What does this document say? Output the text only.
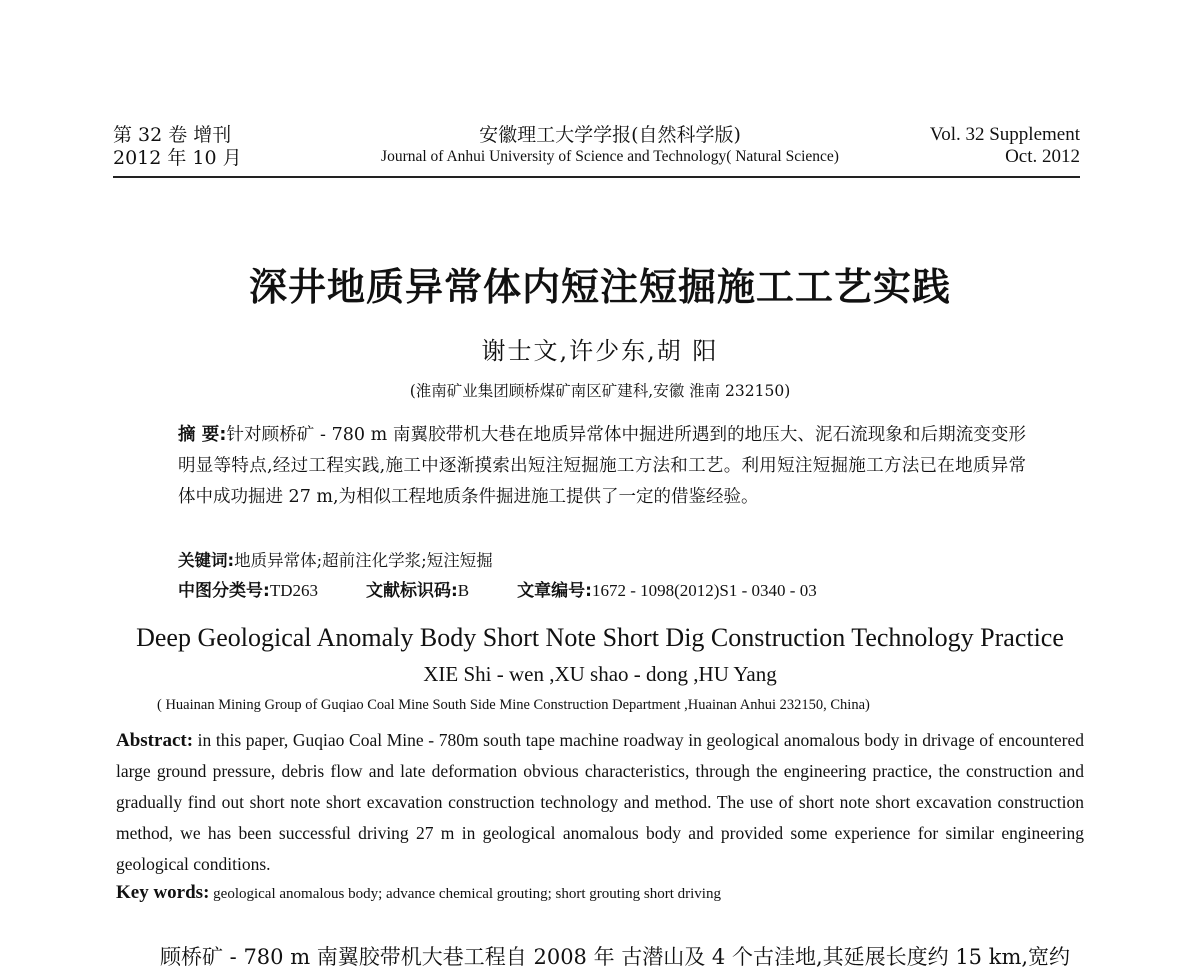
第 32 卷 增刊
2012 年 10 月
安徽理工大学学报(自然科学版)
Journal of Anhui University of Science and Technology( Natural Science)
Vol. 32 Supplement
Oct. 2012
深井地质异常体内短注短掘施工工艺实践
谢士文,许少东,胡 阳
(淮南矿业集团顾桥煤矿南区矿建科,安徽 淮南 232150)
摘 要:针对顾桥矿 - 780 m 南翼胶带机大巷在地质异常体中掘进所遇到的地压大、泥石流现象和后期流变变形明显等特点,经过工程实践,施工中逐渐摸索出短注短掘施工方法和工艺。利用短注短掘施工方法已在地质异常体中成功掘进 27 m,为相似工程地质条件掘进施工提供了一定的借鉴经验。
关键词:地质异常体;超前注化学浆;短注短掘
中图分类号:TD263	文献标识码:B	文章编号:1672 - 1098(2012)S1 - 0340 - 03
Deep Geological Anomaly Body Short Note Short Dig Construction Technology Practice
XIE Shi - wen ,XU shao - dong ,HU Yang
( Huainan Mining Group of Guqiao Coal Mine South Side Mine Construction Department ,Huainan Anhui 232150, China)
Abstract: in this paper, Guqiao Coal Mine - 780m south tape machine roadway in geological anomalous body in drivage of encountered large ground pressure, debris flow and late deformation obvious characteristics, through the engineering practice, the construction and gradually find out short note short excavation construction technology and method. The use of short note short excavation construction method, we has been successful driving 27 m in geological anomalous body and provided some experience for similar engineering geological conditions.
Key words: geological anomalous body; advance chemical grouting; short grouting short driving
顾桥矿 - 780 m 南翼胶带机大巷工程自 2008 年 古潜山及 4 个古洼地,其延展长度约 15 km,宽约
